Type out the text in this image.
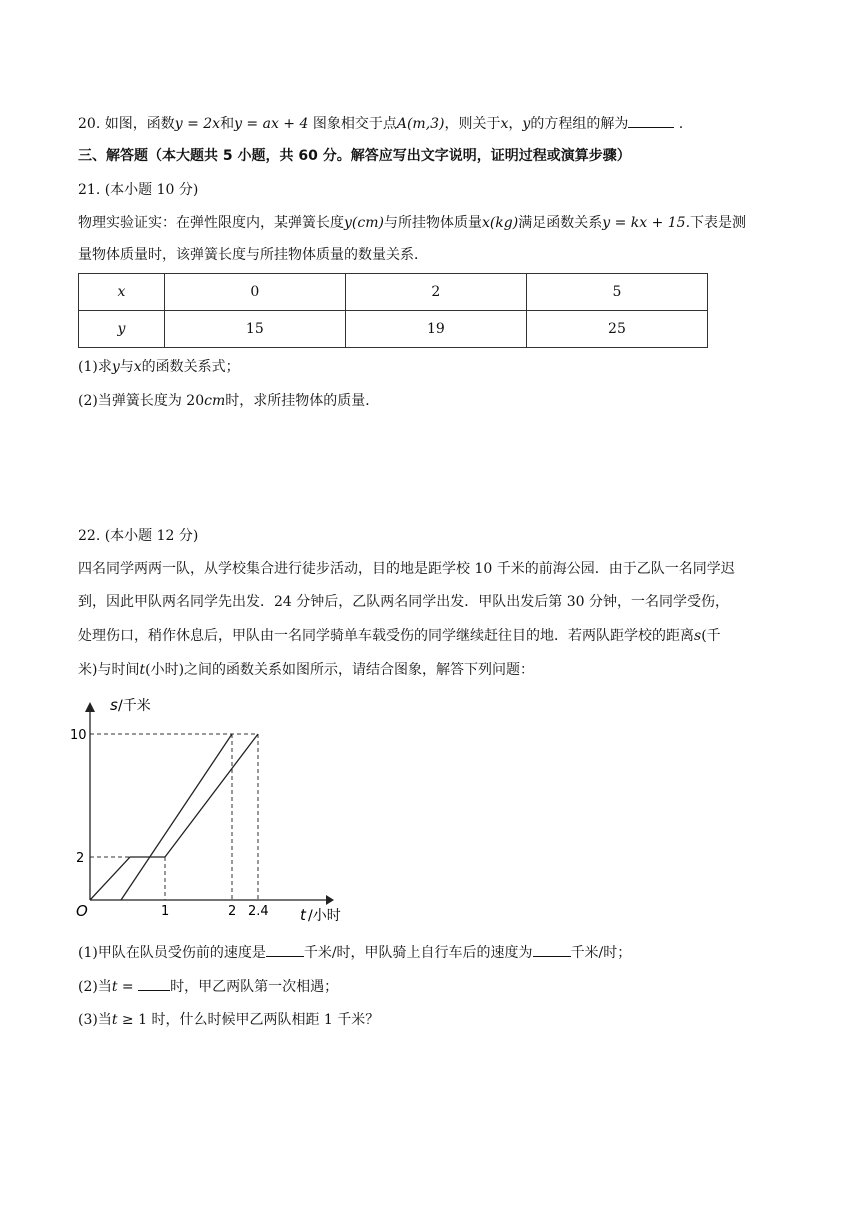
20. 如图，函数y = 2x和y = ax + 4 图象相交于点A(m,3)，则关于x，y的方程组的解为	.
三、解答题（本大题共 5 小题，共 60 分。解答应写出文字说明，证明过程或演算步骤）
21. (本小题 10 分)
物理实验证实：在弹性限度内，某弹簧长度y(cm)与所挂物体质量x(kg)满足函数关系y = kx + 15.下表是测
量物体质量时，该弹簧长度与所挂物体质量的数量关系．
x	0	2	5
y	15	19	25
(1)求y与x的函数关系式；
(2)当弹簧长度为 20cm时，求所挂物体的质量．
22. (本小题 12 分)
四名同学两两一队，从学校集合进行徒步活动，目的地是距学校 10 千米的前海公园．由于乙队一名同学迟
到，因此甲队两名同学先出发．24 分钟后，乙队两名同学出发．甲队出发后第 30 分钟，一名同学受伤，
处理伤口，稍作休息后，甲队由一名同学骑单车载受伤的同学继续赶往目的地．若两队距学校的距离s(千
米)与时间t(小时)之间的函数关系如图所示，请结合图象，解答下列问题：
s /千米
10
2
O	1	2 2.4 t /小时
(1)甲队在队员受伤前的速度是	千米/时，甲队骑上自行车后的速度为	千米/时；
(2)当t = 时，甲乙两队第一次相遇；
(3)当t ≥ 1 时，什么时候甲乙两队相距 1 千米？
